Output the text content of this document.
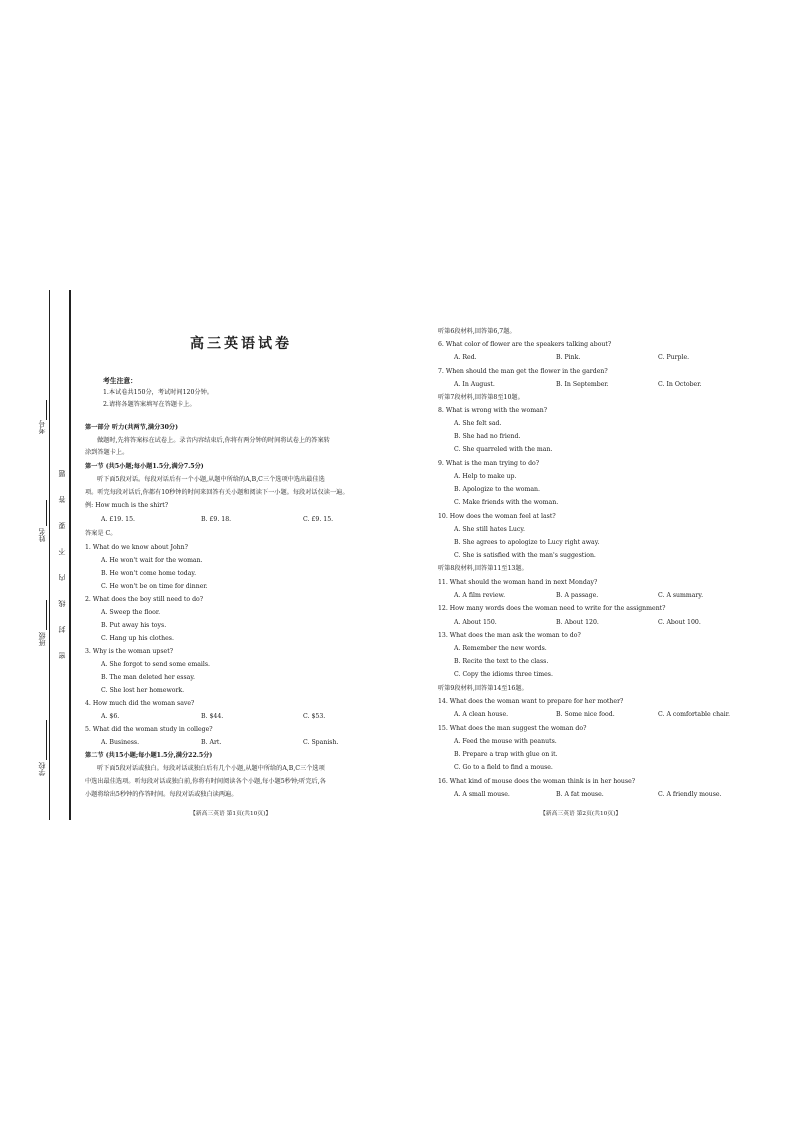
考号
姓名
班级
学校
题
答
要
不
内
线
封
密
高三英语试卷
考生注意：
1.本试卷共150分，考试时间120分钟。
2.请将各题答案填写在答题卡上。
第一部分 听力(共两节,满分30分)
做题时,先将答案标在试卷上。录音内容结束后,你将有两分钟的时间将试卷上的答案转
涂到答题卡上。
第一节 (共5小题;每小题1.5分,满分7.5分)
听下面5段对话。每段对话后有一个小题,从题中所给的A,B,C三个选项中选出最佳选
项。听完每段对话后,你都有10秒钟的时间来回答有关小题和阅读下一小题。每段对话仅读一遍。
例: How much is the shirt?
A. £19. 15.	B. £9. 18.	C. £9. 15.
答案是 C。
1. What do we know about John?
A. He won't wait for the woman.
B. He won't come home today.
C. He won't be on time for dinner.
2. What does the boy still need to do?
A. Sweep the floor.
B. Put away his toys.
C. Hang up his clothes.
3. Why is the woman upset?
A. She forgot to send some emails.
B. The man deleted her essay.
C. She lost her homework.
4. How much did the woman save?
A. $6.	B. $44.	C. $53.
5. What did the woman study in college?
A. Business.	B. Art.	C. Spanish.
第二节 (共15小题;每小题1.5分,满分22.5分)
听下面5段对话或独白。每段对话或独白后有几个小题,从题中所给的A,B,C三个选项
中选出最佳选项。听每段对话或独白前,你将有时间阅读各个小题,每小题5秒钟;听完后,各
小题将给出5秒钟的作答时间。每段对话或独白读两遍。
【新高三英语 第1页(共10页)】
听第6段材料,回答第6,7题。
6. What color of flower are the speakers talking about?
A. Red.	B. Pink.	C. Purple.
7. When should the man get the flower in the garden?
A. In August.	B. In September.	C. In October.
听第7段材料,回答第8至10题。
8. What is wrong with the woman?
A. She felt sad.
B. She had no friend.
C. She quarreled with the man.
9. What is the man trying to do?
A. Help to make up.
B. Apologize to the woman.
C. Make friends with the woman.
10. How does the woman feel at last?
A. She still hates Lucy.
B. She agrees to apologize to Lucy right away.
C. She is satisfied with the man's suggestion.
听第8段材料,回答第11至13题。
11. What should the woman hand in next Monday?
A. A film review.	B. A passage.	C. A summary.
12. How many words does the woman need to write for the assignment?
A. About 150.	B. About 120.	C. About 100.
13. What does the man ask the woman to do?
A. Remember the new words.
B. Recite the text to the class.
C. Copy the idioms three times.
听第9段材料,回答第14至16题。
14. What does the woman want to prepare for her mother?
A. A clean house.	B. Some nice food.	C. A comfortable chair.
15. What does the man suggest the woman do?
A. Feed the mouse with peanuts.
B. Prepare a trap with glue on it.
C. Go to a field to find a mouse.
16. What kind of mouse does the woman think is in her house?
A. A small mouse.	B. A fat mouse.	C. A friendly mouse.
【新高三英语 第2页(共10页)】
